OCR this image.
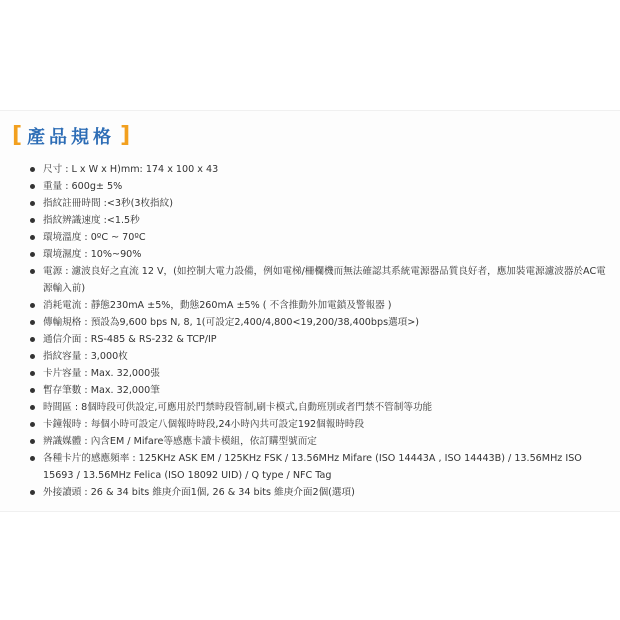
[ 產品規格 ]
尺寸 : L x W x H)mm: 174 x 100 x 43
重量 : 600g± 5%
指紋註冊時間 :<3秒(3枚指紋)
指紋辨識速度 :<1.5秒
環境溫度 : 0ºC ~ 70ºC
環境濕度 : 10%~90%
電源 : 濾波良好之直流 12 V，(如控制大電力設備，例如電梯/柵欄機而無法確認其系統電源器品質良好者，應加裝電源濾波器於AC電源輸入前)
消耗電流 : 靜態230mA ±5%，動態260mA ±5% ( 不含推動外加電鎖及警報器 )
傳輸規格 : 預設為9,600 bps N, 8, 1(可設定2,400/4,800<19,200/38,400bps選項>)
通信介面 : RS-485 & RS-232 & TCP/IP
指紋容量 : 3,000枚
卡片容量 : Max. 32,000張
暫存筆數 : Max. 32,000筆
時間區 : 8個時段可供設定,可應用於門禁時段管制,刷卡模式,自動班別或者門禁不管制等功能
卡鐘報時 : 每個小時可設定八個報時時段,24小時內共可設定192個報時時段
辨識媒體 : 內含EM / Mifare等感應卡讀卡模組，依訂購型號而定
各種卡片的感應頻率 : 125KHz ASK EM / 125KHz FSK / 13.56MHz Mifare (ISO 14443A , ISO 14443B) / 13.56MHz ISO 15693 / 13.56MHz Felica (ISO 18092 UID) / Q type / NFC Tag
外接讀頭 : 26 & 34 bits 維庚介面1個, 26 & 34 bits 維庚介面2個(選項)
